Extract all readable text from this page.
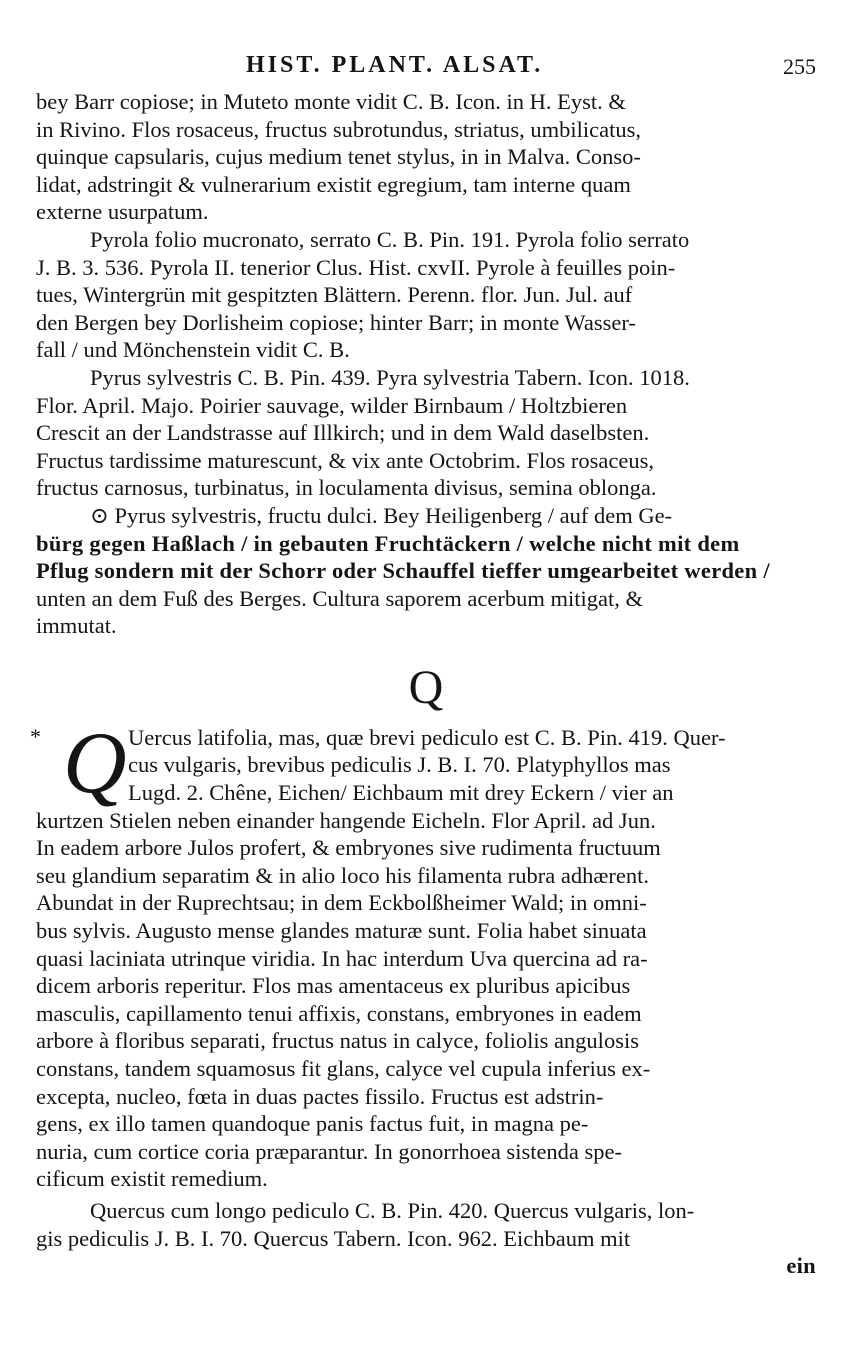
HIST. PLANT. ALSAT.	255
bey Barr copiose; in Muteto monte vidit C. B. Icon. in H. Eyst. &
in Rivino. Flos rosaceus, fructus subrotundus, striatus, umbilicatus,
quinque capsularis, cujus medium tenet stylus, in in Malva. Conso-
lidat, adstringit & vulnerarium existit egregium, tam interne quam
externe usurpatum.
Pyrola folio mucronato, serrato C. B. Pin. 191. Pyrola folio serrato
J. B. 3. 536. Pyrola II. tenerior Clus. Hist. cxvII. Pyrole à feuilles poin-
tues, Wintergrün mit gespitzten Blättern. Perenn. flor. Jun. Jul. auf
den Bergen bey Dorlisheim copiose; hinter Barr; in monte Wasser-
fall / und Mönchenstein vidit C. B.
Pyrus sylvestris C. B. Pin. 439. Pyra sylvestria Tabern. Icon. 1018.
Flor. April. Majo. Poirier sauvage, wilder Birnbaum / Holtzbieren
Crescit an der Landstrasse auf Illkirch; und in dem Wald daselbsten.
Fructus tardissime maturescunt, & vix ante Octobrim. Flos rosaceus,
fructus carnosus, turbinatus, in loculamenta divisus, semina oblonga.
⊙ Pyrus sylvestris, fructu dulci. Bey Heiligenberg / auf dem Ge-
bürg gegen Haßlach / in gebauten Fruchtäckern / welche nicht mit dem
Pflug sondern mit der Schorr oder Schauffel tieffer umgearbeitet werden /
unten an dem Fuß des Berges. Cultura saporem acerbum mitigat, &
immutat.
Q
* Q Uercus latifolia, mas, quæ brevi pediculo est C. B. Pin. 419. Quer-
cus vulgaris, brevibus pediculis J. B. I. 70. Platyphyllos mas
Lugd. 2. Chêne, Eichen/ Eichbaum mit drey Eckern / vier an
kurtzen Stielen neben einander hangende Eicheln. Flor April. ad Jun.
In eadem arbore Julos profert, & embryones sive rudimenta fructuum
seu glandium separatim & in alio loco his filamenta rubra adhærent.
Abundat in der Ruprechtsau; in dem Eckbolßheimer Wald; in omni-
bus sylvis. Augusto mense glandes maturæ sunt. Folia habet sinuata
quasi laciniata utrinque viridia. In hac interdum Uva quercina ad ra-
dicem arboris reperitur. Flos mas amentaceus ex pluribus apicibus
masculis, capillamento tenui affixis, constans, embryones in eadem
arbore à floribus separati, fructus natus in calyce, foliolis angulosis
constans, tandem squamosus fit glans, calyce vel cupula inferius ex-
excepta, nucleo, fœta in duas pactes fissilo. Fructus est adstrin-
gens, ex illo tamen quandoque panis factus fuit, in magna pe-
nuria, cum cortice coria præparantur. In gonorrhoea sistenda spe-
cificum existit remedium.
Quercus cum longo pediculo C. B. Pin. 420. Quercus vulgaris, lon-
gis pediculis J. B. I. 70. Quercus Tabern. Icon. 962. Eichbaum mit
ein
